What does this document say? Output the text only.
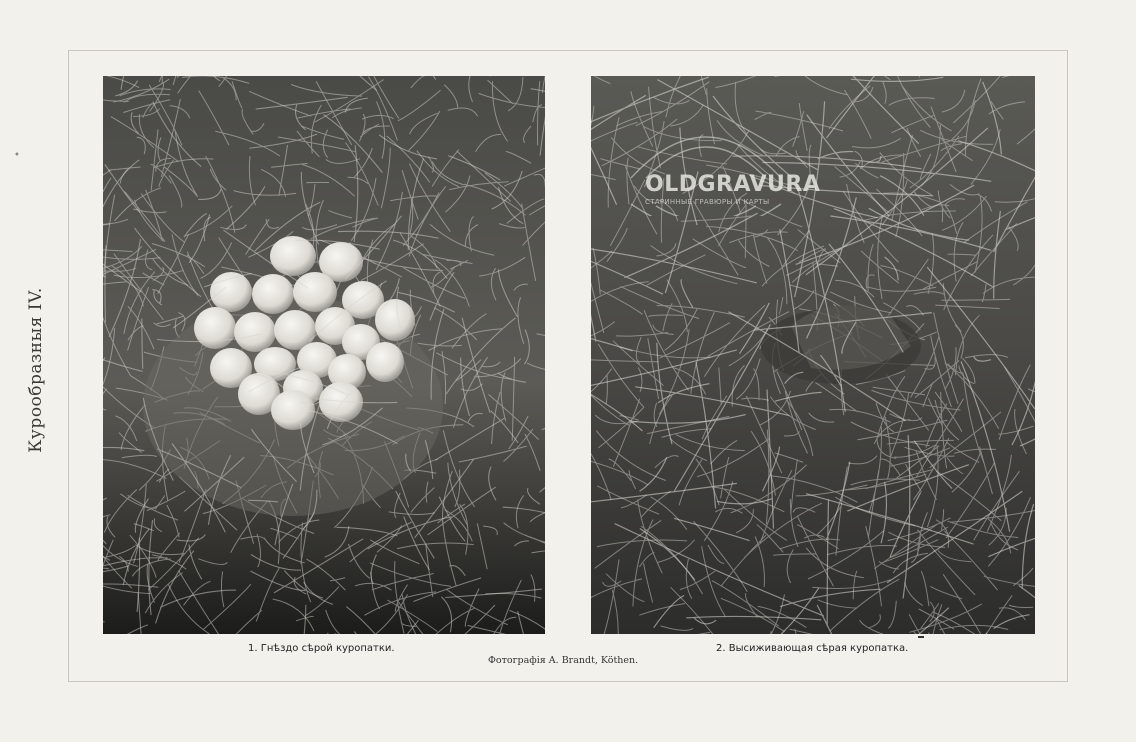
•
Курообразныя IV.
OLDGRAVURA
СТАРИННЫЕ ГРАВЮРЫ И КАРТЫ
1. Гнѣздо сѣрой куропатки.
Фотографія A. Brandt, Köthen.
2. Высиживающая сѣрая куропатка.
